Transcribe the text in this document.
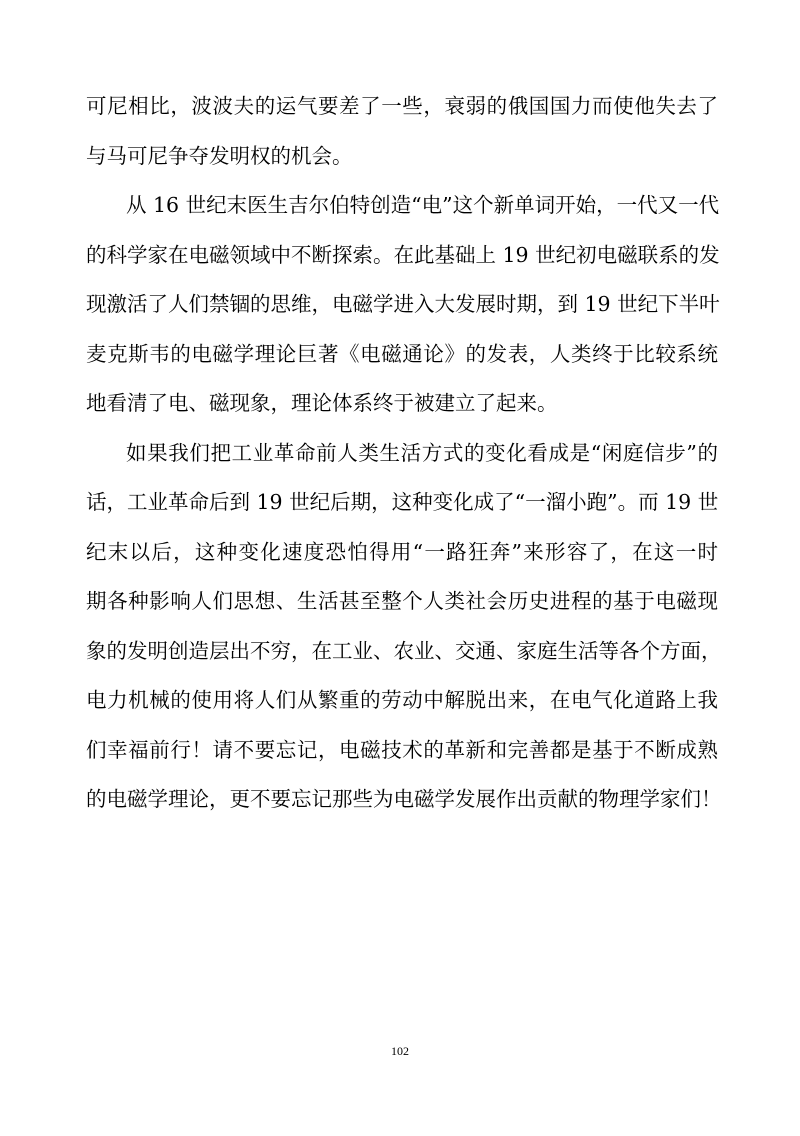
可尼相比，波波夫的运气要差了一些，衰弱的俄国国力而使他失去了
与马可尼争夺发明权的机会。
从 16 世纪末医生吉尔伯特创造“电”这个新单词开始，一代又一代
的科学家在电磁领域中不断探索。在此基础上 19 世纪初电磁联系的发
现激活了人们禁锢的思维，电磁学进入大发展时期，到 19 世纪下半叶
麦克斯韦的电磁学理论巨著《电磁通论》的发表，人类终于比较系统
地看清了电、磁现象，理论体系终于被建立了起来。
如果我们把工业革命前人类生活方式的变化看成是“闲庭信步”的
话，工业革命后到 19 世纪后期，这种变化成了“一溜小跑”。而 19 世
纪末以后，这种变化速度恐怕得用“一路狂奔”来形容了，在这一时
期各种影响人们思想、生活甚至整个人类社会历史进程的基于电磁现
象的发明创造层出不穷，在工业、农业、交通、家庭生活等各个方面，
电力机械的使用将人们从繁重的劳动中解脱出来，在电气化道路上我
们幸福前行！请不要忘记，电磁技术的革新和完善都是基于不断成熟
的电磁学理论，更不要忘记那些为电磁学发展作出贡献的物理学家们！
102
